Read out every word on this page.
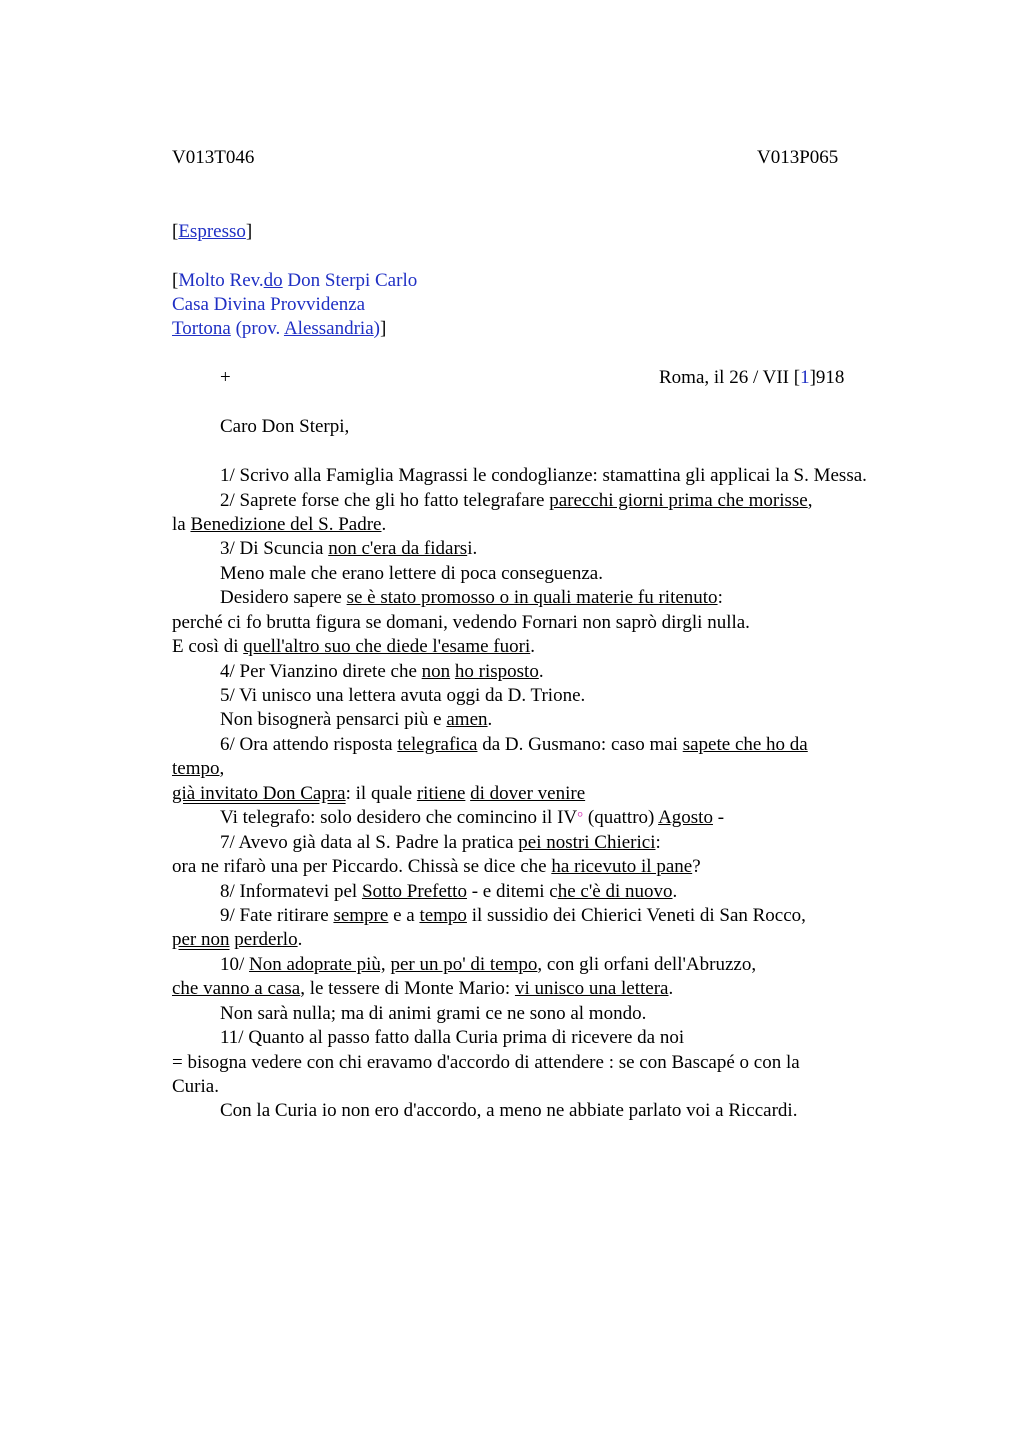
V013T046	V013P065
[Espresso]
[Molto Rev.do Don Sterpi Carlo
Casa Divina Provvidenza
Tortona (prov. Alessandria)]
+	Roma, il 26 / VII [1]918
Caro Don Sterpi,
1/ Scrivo alla Famiglia Magrassi le condoglianze: stamattina gli applicai la S. Messa.
2/ Saprete forse che gli ho fatto telegrafare parecchi giorni prima che morisse,
la Benedizione del S. Padre.
3/ Di Scuncia non c'era da fidarsi.
Meno male che erano lettere di poca conseguenza.
Desidero sapere se è stato promosso o in quali materie fu ritenuto:
perché ci fo brutta figura se domani, vedendo Fornari non saprò dirgli nulla.
E così di quell'altro suo che diede l'esame fuori.
4/ Per Vianzino direte che non ho risposto.
5/ Vi unisco una lettera avuta oggi da D. Trione.
Non bisognerà pensarci più e amen.
6/ Ora attendo risposta telegrafica da D. Gusmano: caso mai sapete che ho da
tempo,
già invitato Don Capra: il quale ritiene di dover venire
Vi telegrafo: solo desidero che comincino il IV° (quattro) Agosto -
7/ Avevo già data al S. Padre la pratica pei nostri Chierici:
ora ne rifarò una per Piccardo. Chissà se dice che ha ricevuto il pane?
8/ Informatevi pel Sotto Prefetto - e ditemi che c'è di nuovo.
9/ Fate ritirare sempre e a tempo il sussidio dei Chierici Veneti di San Rocco,
per non perderlo.
10/ Non adoprate più, per un po' di tempo, con gli orfani dell'Abruzzo,
che vanno a casa, le tessere di Monte Mario: vi unisco una lettera.
Non sarà nulla; ma di animi grami ce ne sono al mondo.
11/ Quanto al passo fatto dalla Curia prima di ricevere da noi
= bisogna vedere con chi eravamo d'accordo di attendere : se con Bascapé o con la
Curia.
Con la Curia io non ero d'accordo, a meno ne abbiate parlato voi a Riccardi.
